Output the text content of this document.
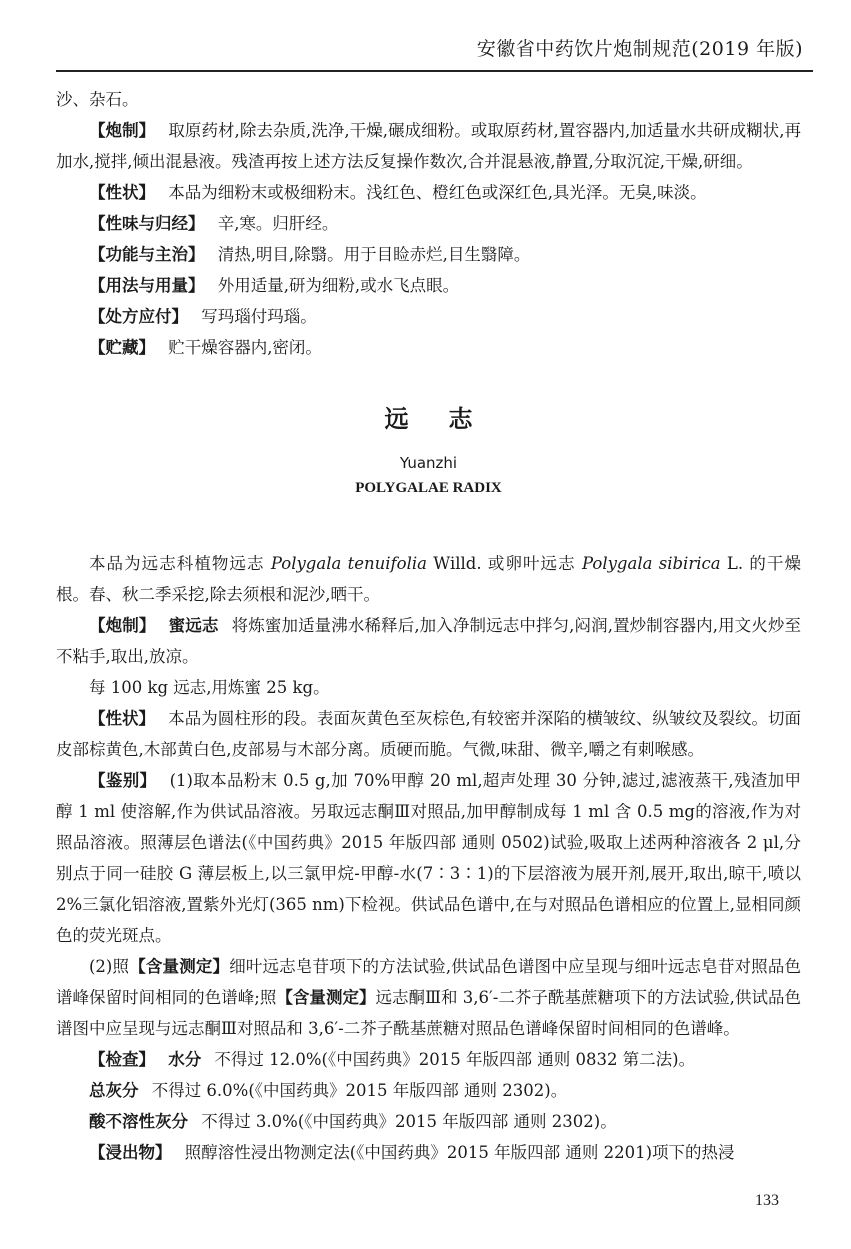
安徽省中药饮片炮制规范(2019 年版)

沙、杂石。

【炮制】 取原药材,除去杂质,洗净,干燥,碾成细粉。或取原药材,置容器内,加适量水共研成糊状,再加水,搅拌,倾出混悬液。残渣再按上述方法反复操作数次,合并混悬液,静置,分取沉淀,干燥,研细。

【性状】 本品为细粉末或极细粉末。浅红色、橙红色或深红色,具光泽。无臭,味淡。

【性味与归经】 辛,寒。归肝经。

【功能与主治】 清热,明目,除翳。用于目睑赤烂,目生翳障。

【用法与用量】 外用适量,研为细粉,或水飞点眼。

【处方应付】 写玛瑙付玛瑙。

【贮藏】 贮干燥容器内,密闭。

远志
Yuanzhi
POLYGALAE RADIX

本品为远志科植物远志 Polygala tenuifolia Willd. 或卵叶远志 Polygala sibirica L. 的干燥根。春、秋二季采挖,除去须根和泥沙,晒干。

【炮制】 蜜远志 将炼蜜加适量沸水稀释后,加入净制远志中拌匀,闷润,置炒制容器内,用文火炒至不粘手,取出,放凉。

每 100 kg 远志,用炼蜜 25 kg。

【性状】 本品为圆柱形的段。表面灰黄色至灰棕色,有较密并深陷的横皱纹、纵皱纹及裂纹。切面皮部棕黄色,木部黄白色,皮部易与木部分离。质硬而脆。气微,味甜、微辛,嚼之有刺喉感。

【鉴别】 (1)取本品粉末 0.5 g,加 70%甲醇 20 ml,超声处理 30 分钟,滤过,滤液蒸干,残渣加甲醇 1 ml 使溶解,作为供试品溶液。另取远志酮Ⅲ对照品,加甲醇制成每 1 ml 含 0.5 mg的溶液,作为对照品溶液。照薄层色谱法(《中国药典》2015 年版四部 通则 0502)试验,吸取上述两种溶液各 2 μl,分别点于同一硅胶 G 薄层板上,以三氯甲烷-甲醇-水(7∶3∶1)的下层溶液为展开剂,展开,取出,晾干,喷以 2%三氯化铝溶液,置紫外光灯(365 nm)下检视。供试品色谱中,在与对照品色谱相应的位置上,显相同颜色的荧光斑点。

(2)照【含量测定】细叶远志皂苷项下的方法试验,供试品色谱图中应呈现与细叶远志皂苷对照品色谱峰保留时间相同的色谱峰;照【含量测定】远志酮Ⅲ和 3,6′-二芥子酰基蔗糖项下的方法试验,供试品色谱图中应呈现与远志酮Ⅲ对照品和 3,6′-二芥子酰基蔗糖对照品色谱峰保留时间相同的色谱峰。

【检查】 水分 不得过 12.0%(《中国药典》2015 年版四部 通则 0832 第二法)。

总灰分 不得过 6.0%(《中国药典》2015 年版四部 通则 2302)。

酸不溶性灰分 不得过 3.0%(《中国药典》2015 年版四部 通则 2302)。

【浸出物】 照醇溶性浸出物测定法(《中国药典》2015 年版四部 通则 2201)项下的热浸

133
